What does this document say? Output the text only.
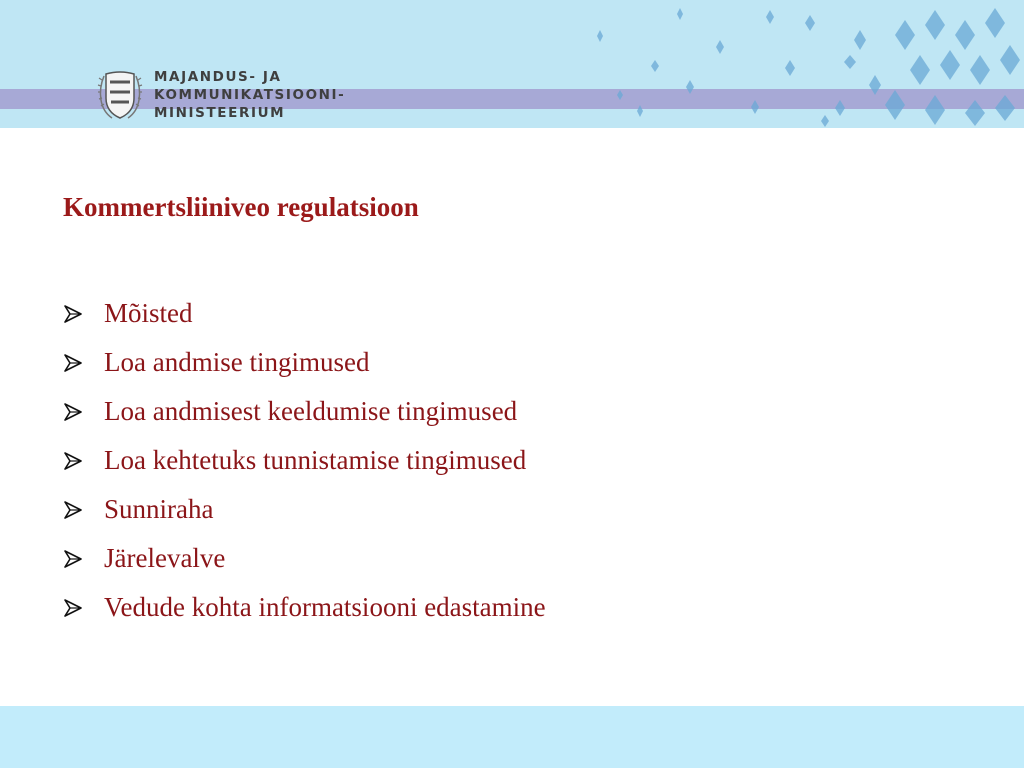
MAJANDUS- JA
KOMMUNIKATSIOONI-
MINISTEERIUM
Kommertsliiniveo regulatsioon
Mõisted
Loa andmise tingimused
Loa andmisest keeldumise tingimused
Loa kehtetuks tunnistamise tingimused
Sunniraha
Järelevalve
Vedude kohta informatsiooni edastamine
